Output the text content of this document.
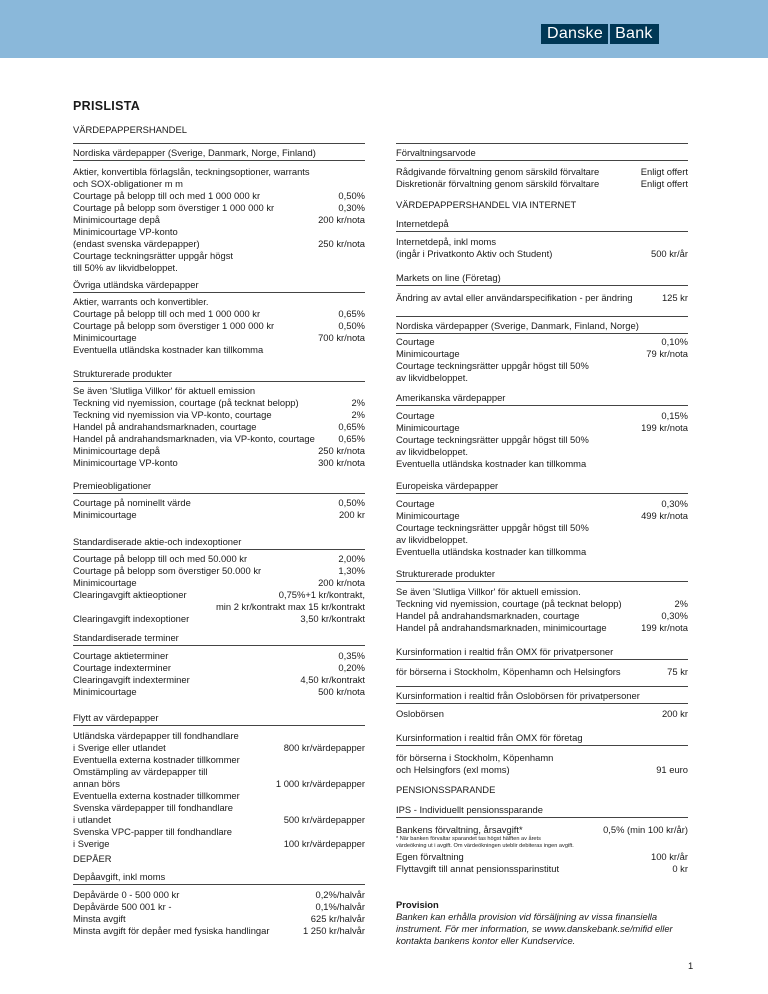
Danske Bank
PRISLISTA
VÄRDEPAPPERSHANDEL
Nordiska värdepapper (Sverige, Danmark, Norge, Finland)
Aktier, konvertibla förlagslån, teckningsoptioner, warrants
och SOX-obligationer m m
Courtage på belopp till och med 1 000 000 kr	0,50%
Courtage på belopp som överstiger 1 000 000 kr	0,30%
Minimicourtage depå	200 kr/nota
Minimicourtage VP-konto
(endast svenska värdepapper)	250 kr/nota
Courtage teckningsrätter uppgår högst
till 50% av likvidbeloppet.
Övriga utländska värdepapper
Aktier, warrants och konvertibler.
Courtage på belopp till och med 1 000 000 kr	0,65%
Courtage på belopp som överstiger 1 000 000 kr	0,50%
Minimicourtage	700 kr/nota
Eventuella utländska kostnader kan tillkomma
Strukturerade produkter
Se även 'Slutliga Villkor' för aktuell emission
Teckning vid nyemission, courtage (på tecknat belopp)	2%
Teckning vid nyemission via VP-konto, courtage	2%
Handel på andrahandsmarknaden, courtage	0,65%
Handel på andrahandsmarknaden, via VP-konto, courtage	0,65%
Minimicourtage depå	250 kr/nota
Minimicourtage VP-konto	300 kr/nota
Premieobligationer
Courtage på nominellt värde	0,50%
Minimicourtage	200 kr
Standardiserade aktie-och indexoptioner
Courtage på belopp till och med 50.000 kr	2,00%
Courtage på belopp som överstiger 50.000 kr	1,30%
Minimicourtage	200 kr/nota
Clearingavgift aktieoptioner	0,75%+1 kr/kontrakt,
min 2 kr/kontrakt max 15 kr/kontrakt
Clearingavgift indexoptioner	3,50 kr/kontrakt
Standardiserade terminer
Courtage aktieterminer	0,35%
Courtage indexterminer	0,20%
Clearingavgift indexterminer	4,50 kr/kontrakt
Minimicourtage	500 kr/nota
Flytt av värdepapper
Utländska värdepapper till fondhandlare
i Sverige eller utlandet	800 kr/värdepapper
Eventuella externa kostnader tillkommer
Omstämpling av värdepapper till
annan börs	1 000 kr/värdepapper
Eventuella externa kostnader tillkommer
Svenska värdepapper till fondhandlare
i utlandet	500 kr/värdepapper
Svenska VPC-papper till fondhandlare
i Sverige	100 kr/värdepapper
DEPÅER
Depåavgift, inkl moms
Depåvärde 0 - 500 000 kr	0,2%/halvår
Depåvärde 500 001 kr -	0,1%/halvår
Minsta avgift	625 kr/halvår
Minsta avgift för depåer med fysiska handlingar	1 250 kr/halvår
Förvaltningsarvode
Rådgivande förvaltning genom särskild förvaltare	Enligt offert
Diskretionär förvaltning genom särskild förvaltare	Enligt offert
VÄRDEPAPPERSHANDEL VIA INTERNET
Internetdepå
Internetdepå, inkl moms
(ingår i Privatkonto Aktiv och Student)	500 kr/år
Markets on line (Företag)
Ändring av avtal eller användarspecifikation - per ändring	125 kr
Nordiska värdepapper (Sverige, Danmark, Finland, Norge)
Courtage	0,10%
Minimicourtage	79 kr/nota
Courtage teckningsrätter uppgår högst till 50%
av likvidbeloppet.
Amerikanska värdepapper
Courtage	0,15%
Minimicourtage	199 kr/nota
Courtage teckningsrätter uppgår högst till 50%
av likvidbeloppet.
Eventuella utländska kostnader kan tillkomma
Europeiska värdepapper
Courtage	0,30%
Minimicourtage	499 kr/nota
Courtage teckningsrätter uppgår högst till 50%
av likvidbeloppet.
Eventuella utländska kostnader kan tillkomma
Strukturerade produkter
Se även 'Slutliga Villkor' för aktuell emission.
Teckning vid nyemission, courtage (på tecknat belopp)	2%
Handel på andrahandsmarknaden, courtage	0,30%
Handel på andrahandsmarknaden, minimicourtage	199 kr/nota
Kursinformation i realtid från OMX för privatpersoner
för börserna i Stockholm, Köpenhamn och Helsingfors	75 kr
Kursinformation i realtid från Oslobörsen för privatpersoner
Oslobörsen	200 kr
Kursinformation i realtid från OMX för företag
för börserna i Stockholm, Köpenhamn
och Helsingfors (exl moms)	91 euro
PENSIONSSPARANDE
IPS - Individuellt pensionssparande
Bankens förvaltning, årsavgift*	0,5% (min 100 kr/år)
* När banken förvaltar sparandet tas högst hälften av årets
värdeökning ut i avgift. Om värdeökningen uteblir debiteras ingen avgift.
Egen förvaltning	100 kr/år
Flyttavgift till annat pensionssparinstitut	0 kr
Provision
Banken kan erhålla provision vid försäljning av vissa finansiella
instrument. För mer information, se www.danskebank.se/mifid eller
kontakta bankens kontor eller Kundservice.
1
